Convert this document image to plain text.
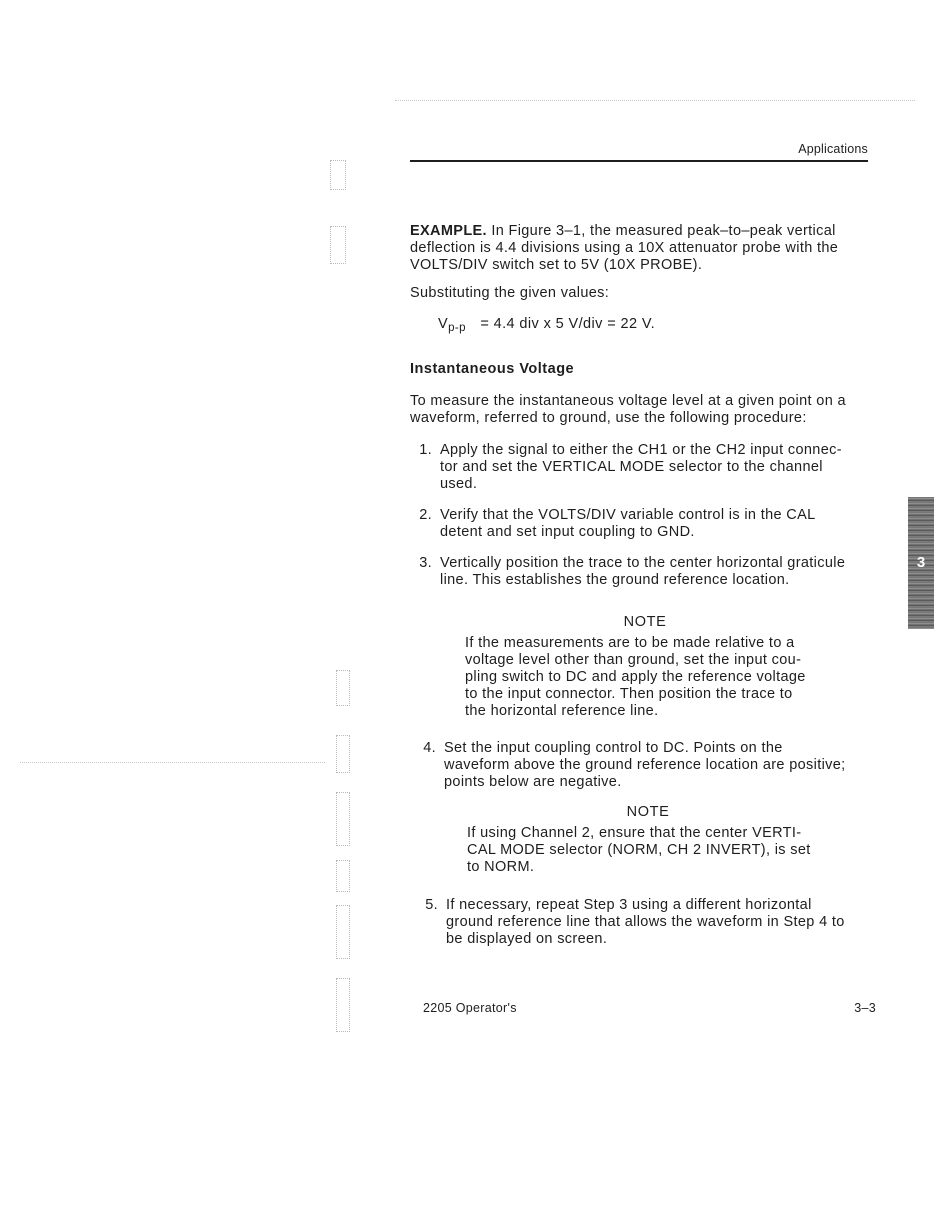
Applications
EXAMPLE. In Figure 3–1, the measured peak–to–peak vertical
deflection is 4.4 divisions using a 10X attenuator probe with the
VOLTS/DIV switch set to 5V (10X PROBE).
Substituting the given values:
$V_{p-p} = 4.4$ div x 5 V/div = 22 V.
Instantaneous Voltage
To measure the instantaneous voltage level at a given point on a
waveform, referred to ground, use the following procedure:
1. Apply the signal to either the CH1 or the CH2 input connec-
tor and set the VERTICAL MODE selector to the channel
used.
2. Verify that the VOLTS/DIV variable control is in the CAL
detent and set input coupling to GND.
3. Vertically position the trace to the center horizontal graticule
line. This establishes the ground reference location.
NOTE
If the measurements are to be made relative to a
voltage level other than ground, set the input cou-
pling switch to DC and apply the reference voltage
to the input connector. Then position the trace to
the horizontal reference line.
4. Set the input coupling control to DC. Points on the
waveform above the ground reference location are positive;
points below are negative.
NOTE
If using Channel 2, ensure that the center VERTI-
CAL MODE selector (NORM, CH 2 INVERT), is set
to NORM.
5. If necessary, repeat Step 3 using a different horizontal
ground reference line that allows the waveform in Step 4 to
be displayed on screen.
2205 Operator's	3–3
3
